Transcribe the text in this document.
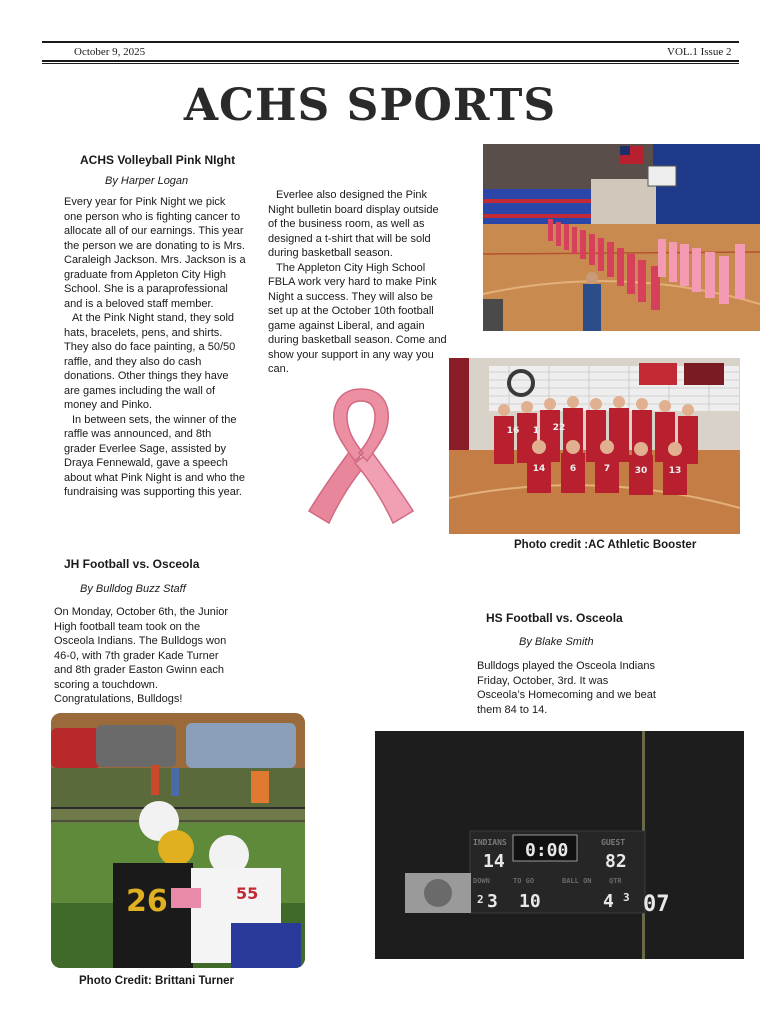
October 9, 2025	VOL.1 Issue 2
ACHS SPORTS
ACHS Volleyball Pink NIght
By Harper Logan

Every year for Pink Night we pick one person who is fighting cancer to allocate all of our earnings. This year the person we are donating to is Mrs. Caraleigh Jackson. Mrs. Jackson is a graduate from Appleton City High School. She is a paraprofessional and is a beloved staff member.

At the Pink Night stand, they sold hats, bracelets, pens, and shirts. They also do face painting, a 50/50 raffle, and they also do cash donations. Other things they have are games including the wall of money and Pinko.

In between sets, the winner of the raffle was announced, and 8th grader Everlee Sage, assisted by Draya Fennewald, gave a speech about what Pink Night is and who the fundraising was supporting this year.

Everlee also designed the Pink Night bulletin board display outside of the business room, as well as designed a t-shirt that will be sold during basketball season.

The Appleton City High School FBLA work very hard to make Pink Night a success. They will also be set up at the October 10th football game against Liberal, and again during basketball season. Come and show your support in any way you can.

16 1 22
14	6	7	30 13
Photo credit :AC Athletic Booster
JH Football vs. Osceola
By Bulldog Buzz Staff

On Monday, October 6th, the Junior High football team took on the Osceola Indians. The Bulldogs won 46-0, with 7th grader Kade Turner and 8th grader Easton Gwinn each scoring a touchdown. Congratulations, Bulldogs!

26	55
Photo Credit: Brittani Turner
HS Football vs. Osceola
By Blake Smith

Bulldogs played the Osceola Indians Friday, October, 3rd. It was Osceola’s Homecoming and we beat them 84 to 14.

INDIANS	GUEST
14
0:00
82
DOWN	TO GO	BALL ON QTR
2 3 10	4 3 07
